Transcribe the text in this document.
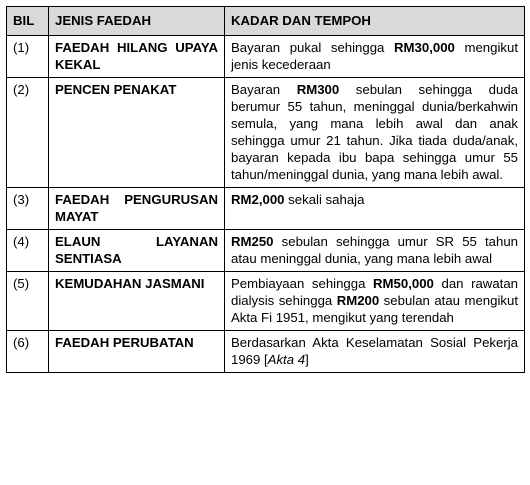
BIL	JENIS FAEDAH	KADAR DAN TEMPOH
(1)	FAEDAH HILANG UPAYA KEKAL	Bayaran pukal sehingga RM30,000 mengikut jenis kecederaan
(2)	PENCEN PENAKAT	Bayaran RM300 sebulan sehingga duda berumur 55 tahun, meninggal dunia/berkahwin semula, yang mana lebih awal dan anak sehingga umur 21 tahun. Jika tiada duda/anak, bayaran kepada ibu bapa sehingga umur 55 tahun/meninggal dunia, yang mana lebih awal.
(3)	FAEDAH PENGURUSAN MAYAT	RM2,000 sekali sahaja
(4)	ELAUN LAYANAN SENTIASA	RM250 sebulan sehingga umur SR 55 tahun atau meninggal dunia, yang mana lebih awal
(5)	KEMUDAHAN JASMANI	Pembiayaan sehingga RM50,000 dan rawatan dialysis sehingga RM200 sebulan atau mengikut Akta Fi 1951, mengikut yang terendah
(6)	FAEDAH PERUBATAN	Berdasarkan Akta Keselamatan Sosial Pekerja 1969 [Akta 4]
